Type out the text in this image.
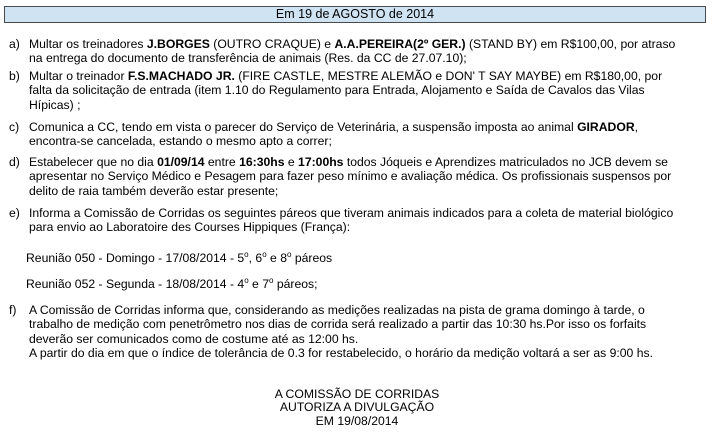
Em 19 de AGOSTO de 2014
a) Multar os treinadores J.BORGES (OUTRO CRAQUE) e A.A.PEREIRA(2º GER.) (STAND BY) em R$100,00, por atraso
na entrega do documento de transferência de animais (Res. da CC de 27.07.10);
b) Multar o treinador F.S.MACHADO JR. (FIRE CASTLE, MESTRE ALEMÃO e DON' T SAY MAYBE) em R$180,00, por
falta da solicitação de entrada (item 1.10 do Regulamento para Entrada, Alojamento e Saída de Cavalos das Vilas
Hípicas) ;
c) Comunica a CC, tendo em vista o parecer do Serviço de Veterinária, a suspensão imposta ao animal GIRADOR,
encontra-se cancelada, estando o mesmo apto a correr;
d) Estabelecer que no dia 01/09/14 entre 16:30hs e 17:00hs todos Jóqueis e Aprendizes matriculados no JCB devem se
apresentar no Serviço Médico e Pesagem para fazer peso mínimo e avaliação médica. Os profissionais suspensos por
delito de raia também deverão estar presente;
e) Informa a Comissão de Corridas os seguintes páreos que tiveram animais indicados para a coleta de material biológico
para envio ao Laboratoire des Courses Hippiques (França):
Reunião 050 - Domingo - 17/08/2014 - 5$^o$, 6$^o$ e 8$^o$ páreos
Reunião 052 - Segunda - 18/08/2014 - 4$^o$ e 7$^o$ páreos;
f) A Comissão de Corridas informa que, considerando as medições realizadas na pista de grama domingo à tarde, o
trabalho de medição com penetrômetro nos dias de corrida será realizado a partir das 10:30 hs.Por isso os forfaits
deverão ser comunicados como de costume até as 12:00 hs.
A partir do dia em que o índice de tolerância de 0.3 for restabelecido, o horário da medição voltará a ser as 9:00 hs.
A COMISSÃO DE CORRIDAS
AUTORIZA A DIVULGAÇÃO
EM 19/08/2014
